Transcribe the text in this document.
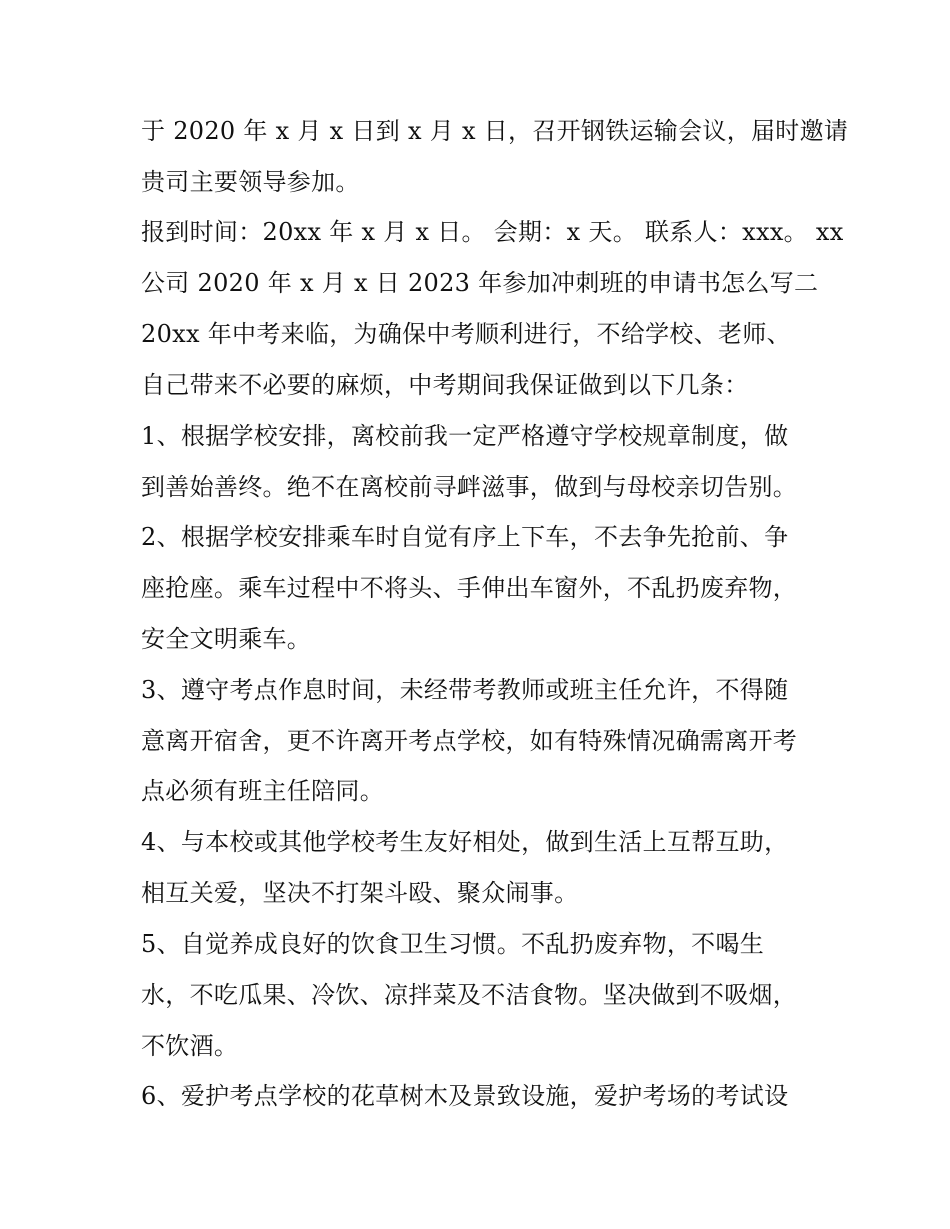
于 2020 年 x 月 x 日到 x 月 x 日，召开钢铁运输会议，届时邀请
贵司主要领导参加。
报到时间：20xx 年 x 月 x 日。 会期：x 天。 联系人：xxx。 xx
公司 2020 年 x 月 x 日 2023 年参加冲刺班的申请书怎么写二
20xx 年中考来临，为确保中考顺利进行，不给学校、老师、
自己带来不必要的麻烦，中考期间我保证做到以下几条：
1、根据学校安排，离校前我一定严格遵守学校规章制度，做
到善始善终。绝不在离校前寻衅滋事，做到与母校亲切告别。
2、根据学校安排乘车时自觉有序上下车，不去争先抢前、争
座抢座。乘车过程中不将头、手伸出车窗外，不乱扔废弃物，
安全文明乘车。
3、遵守考点作息时间，未经带考教师或班主任允许，不得随
意离开宿舍，更不许离开考点学校，如有特殊情况确需离开考
点必须有班主任陪同。
4、与本校或其他学校考生友好相处，做到生活上互帮互助，
相互关爱，坚决不打架斗殴、聚众闹事。
5、自觉养成良好的饮食卫生习惯。不乱扔废弃物，不喝生
水，不吃瓜果、冷饮、凉拌菜及不洁食物。坚决做到不吸烟，
不饮酒。
6、爱护考点学校的花草树木及景致设施，爱护考场的考试设
